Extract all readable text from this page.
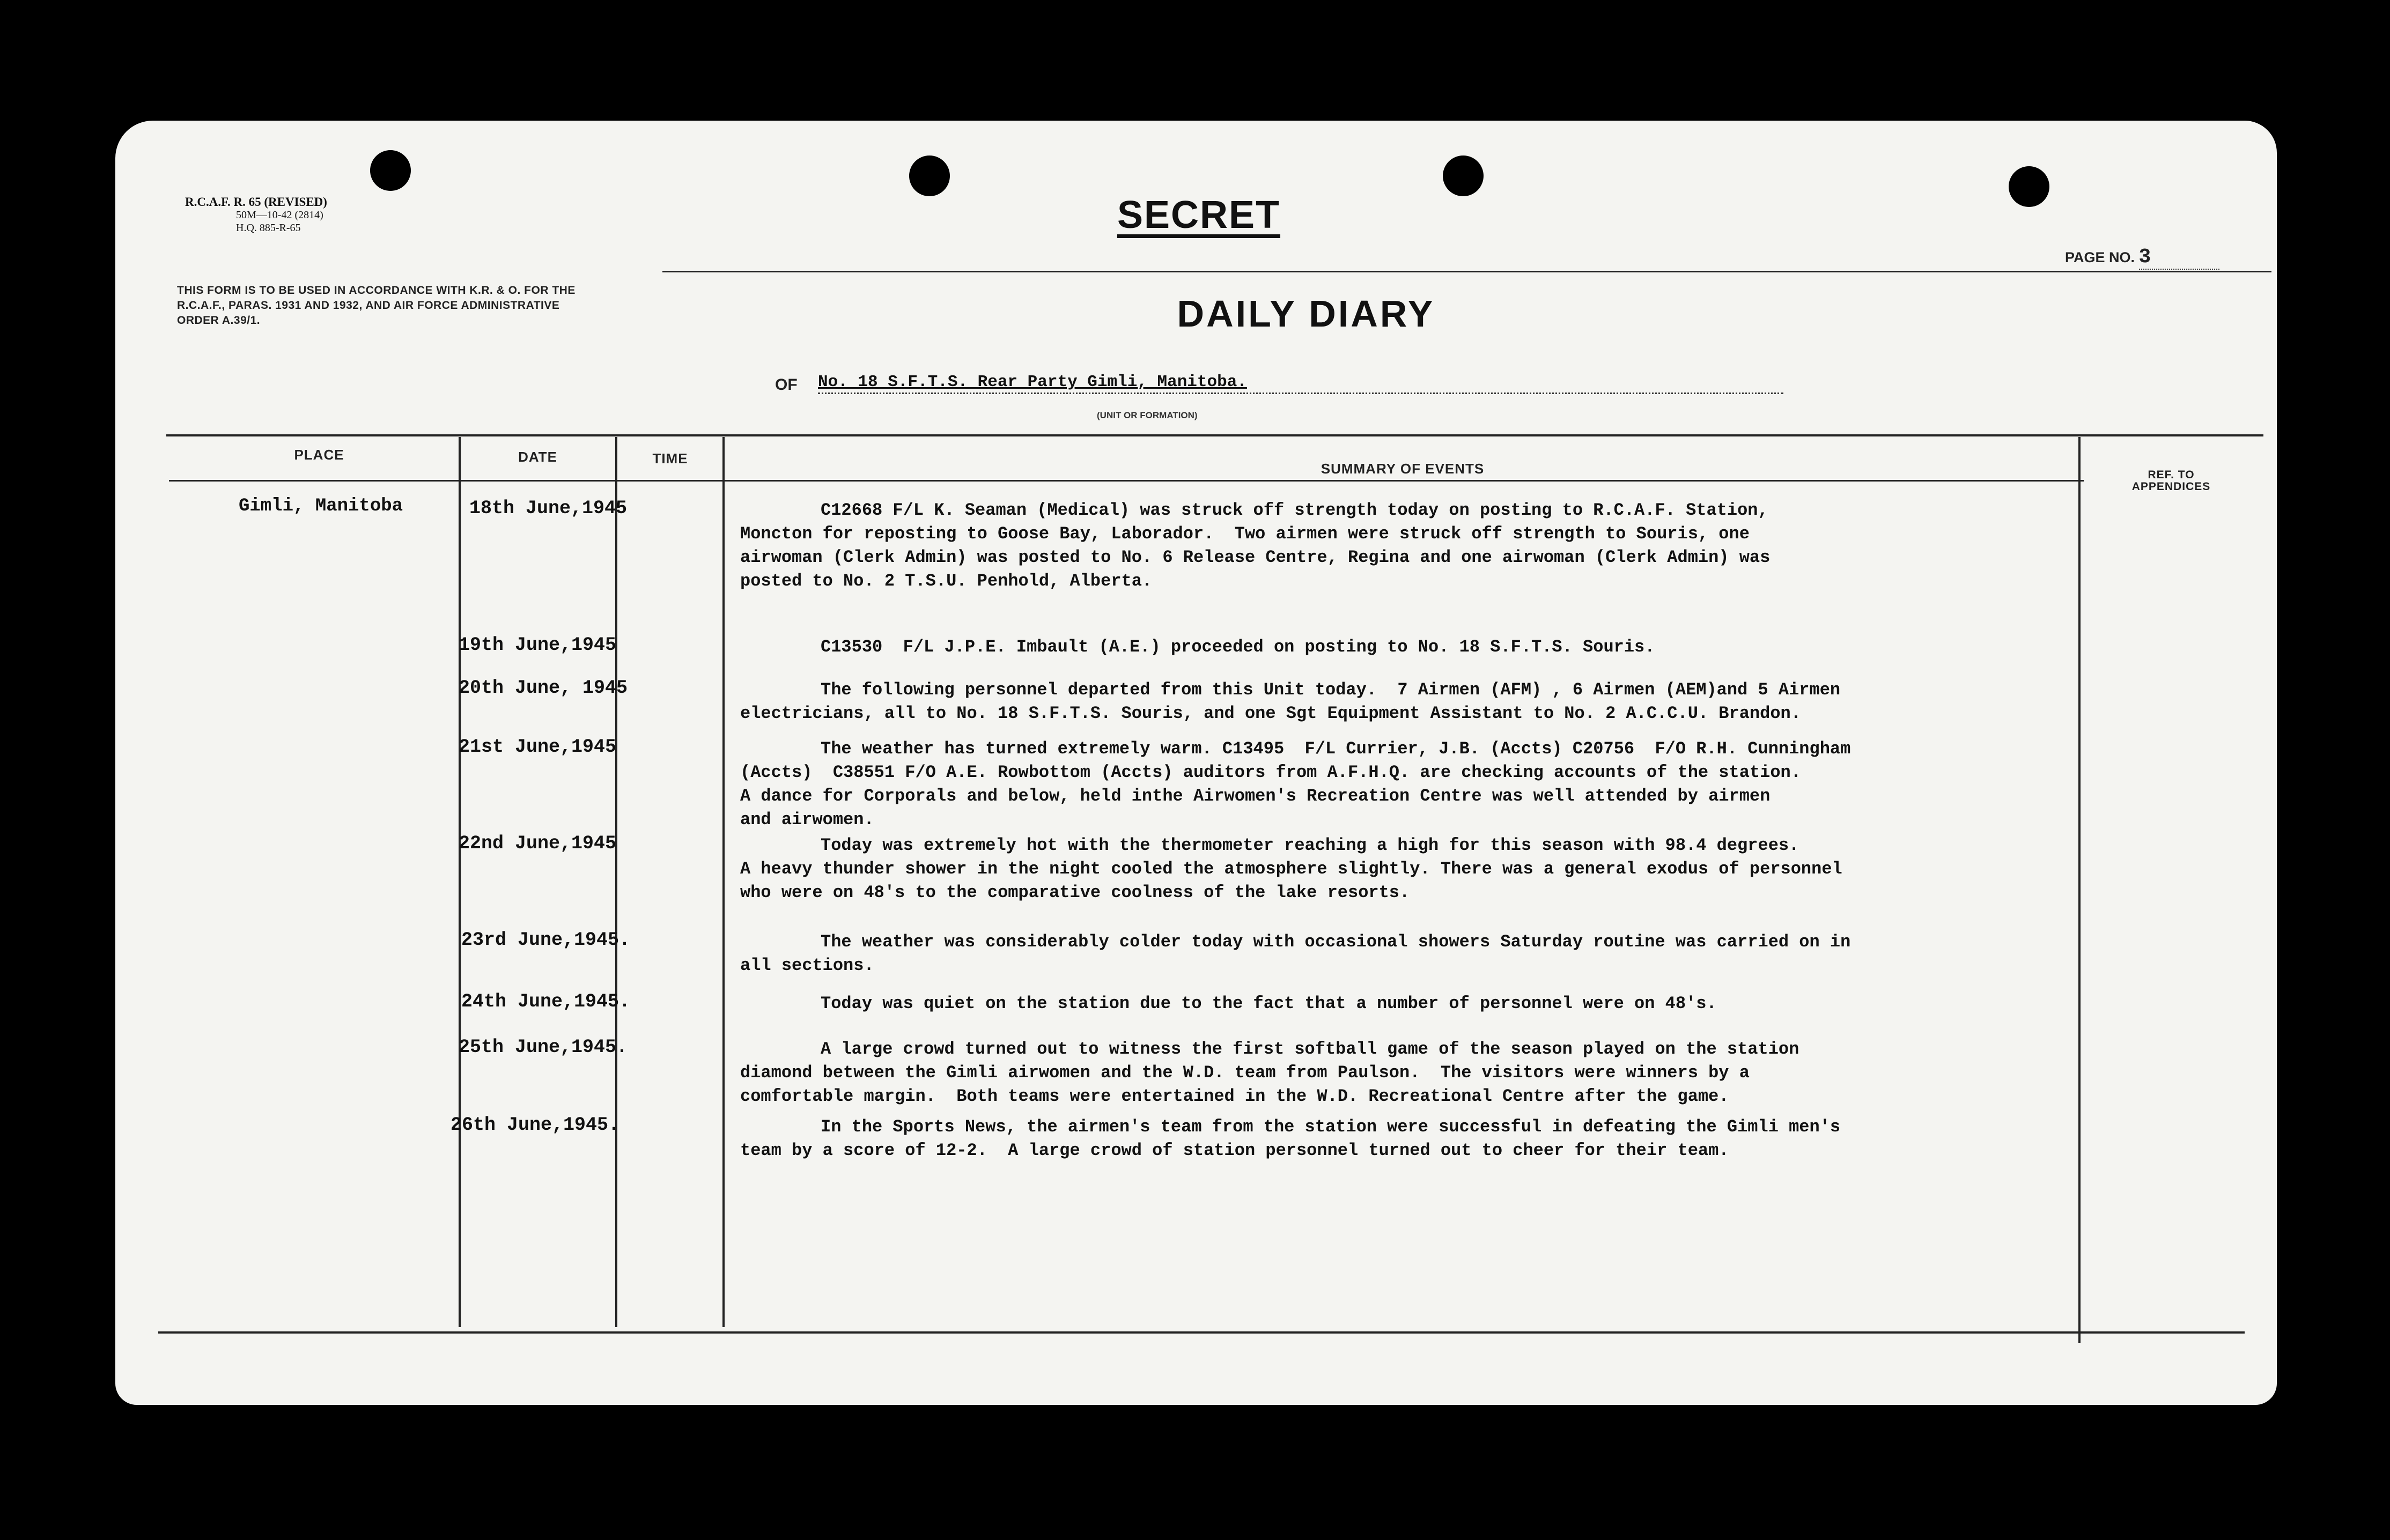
R.C.A.F. R. 65 (REVISED)
50M—10-42 (2814)
H.Q. 885-R-65
THIS FORM IS TO BE USED IN ACCORDANCE WITH K.R. & O. FOR THE R.C.A.F., PARAS. 1931 AND 1932, AND AIR FORCE ADMINISTRATIVE ORDER A.39/1.
SECRET
PAGE NO. 3
DAILY DIARY
OF No. 18 S.F.T.S. Rear Party Gimli, Manitoba.
(UNIT OR FORMATION)
PLACE	DATE	TIME
SUMMARY OF EVENTS	REF. TO
APPENDICES
Gimli, Manitoba	18th June,1945	C12668 F/L K. Seaman (Medical) was struck off strength today on posting to R.C.A.F. Station,
Moncton for reposting to Goose Bay, Laborador.  Two airmen were struck off strength to Souris, one
airwoman (Clerk Admin) was posted to No. 6 Release Centre, Regina and one airwoman (Clerk Admin) was
posted to No. 2 T.S.U. Penhold, Alberta.
19th June,1945	C13530  F/L J.P.E. Imbault (A.E.) proceeded on posting to No. 18 S.F.T.S. Souris.
20th June, 1945	The following personnel departed from this Unit today.  7 Airmen (AFM) , 6 Airmen (AEM)and 5 Airmen
electricians, all to No. 18 S.F.T.S. Souris, and one Sgt Equipment Assistant to No. 2 A.C.C.U. Brandon.
21st June,1945	The weather has turned extremely warm. C13495  F/L Currier, J.B. (Accts) C20756  F/O R.H. Cunningham
(Accts)  C38551 F/O A.E. Rowbottom (Accts) auditors from A.F.H.Q. are checking accounts of the station.
A dance for Corporals and below, held inthe Airwomen's Recreation Centre was well attended by airmen
and airwomen.
22nd June,1945	Today was extremely hot with the thermometer reaching a high for this season with 98.4 degrees.
A heavy thunder shower in the night cooled the atmosphere slightly. There was a general exodus of personnel
who were on 48's to the comparative coolness of the lake resorts.
23rd June,1945.	The weather was considerably colder today with occasional showers Saturday routine was carried on in
all sections.
24th June,1945.	Today was quiet on the station due to the fact that a number of personnel were on 48's.
25th June,1945.	A large crowd turned out to witness the first softball game of the season played on the station
diamond between the Gimli airwomen and the W.D. team from Paulson.  The visitors were winners by a
comfortable margin.  Both teams were entertained in the W.D. Recreational Centre after the game.
26th June,1945.	In the Sports News, the airmen's team from the station were successful in defeating the Gimli men's
team by a score of 12-2.  A large crowd of station personnel turned out to cheer for their team.
